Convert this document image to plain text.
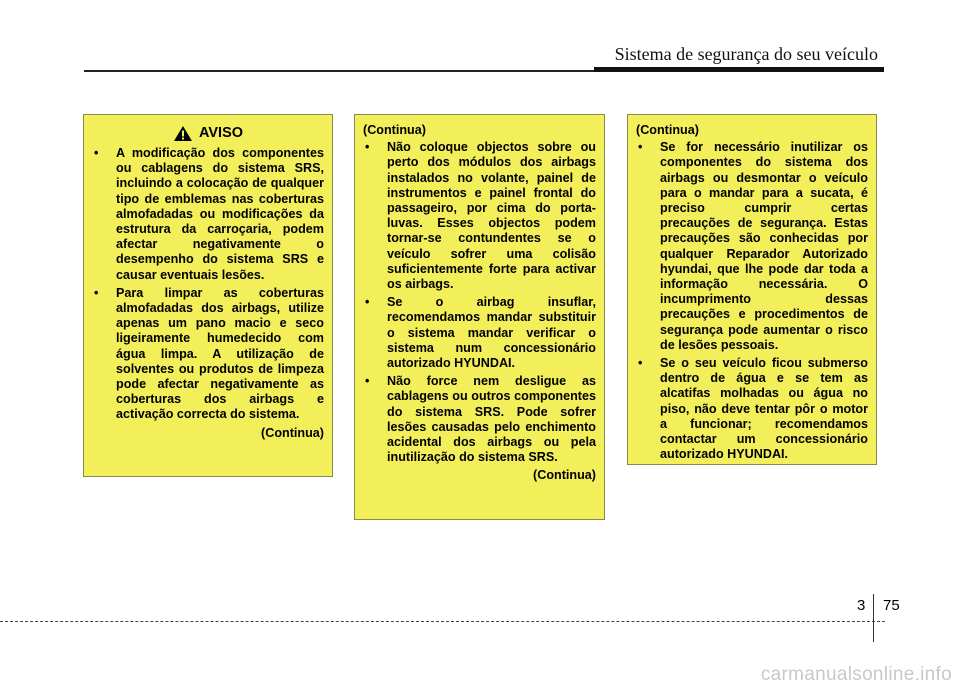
Sistema de segurança do seu veículo
AVISO
• A modificação dos componentes ou cablagens do sistema SRS, incluindo a colocação de qualquer tipo de emblemas nas coberturas almofadadas ou modificações da estrutura da carroçaria, podem afectar negativamente o desempenho do sistema SRS e causar eventuais lesões.
• Para limpar as coberturas almofadadas dos airbags, utilize apenas um pano macio e seco ligeiramente humedecido com água limpa. A utilização de solventes ou produtos de limpeza pode afectar negativamente as coberturas dos airbags e activação correcta do sistema.
(Continua)
(Continua)
• Não coloque objectos sobre ou perto dos módulos dos airbags instalados no volante, painel de instrumentos e painel frontal do passageiro, por cima do porta-luvas. Esses objectos podem tornar-se contundentes se o veículo sofrer uma colisão suficientemente forte para activar os airbags.
• Se o airbag insuflar, recomendamos mandar substituir o sistema mandar verificar o sistema num concessionário autorizado HYUNDAI.
• Não force nem desligue as cablagens ou outros componentes do sistema SRS. Pode sofrer lesões causadas pelo enchimento acidental dos airbags ou pela inutilização do sistema SRS.
(Continua)
(Continua)
• Se for necessário inutilizar os componentes do sistema dos airbags ou desmontar o veículo para o mandar para a sucata, é preciso cumprir certas precauções de segurança. Estas precauções são conhecidas por qualquer Reparador Autorizado hyundai, que lhe pode dar toda a informação necessária. O incumprimento dessas precauções e procedimentos de segurança pode aumentar o risco de lesões pessoais.
• Se o seu veículo ficou submerso dentro de água e se tem as alcatifas molhadas ou água no piso, não deve tentar pôr o motor a funcionar; recomendamos contactar um concessionário autorizado HYUNDAI.
3 75
carmanualsonline.info
